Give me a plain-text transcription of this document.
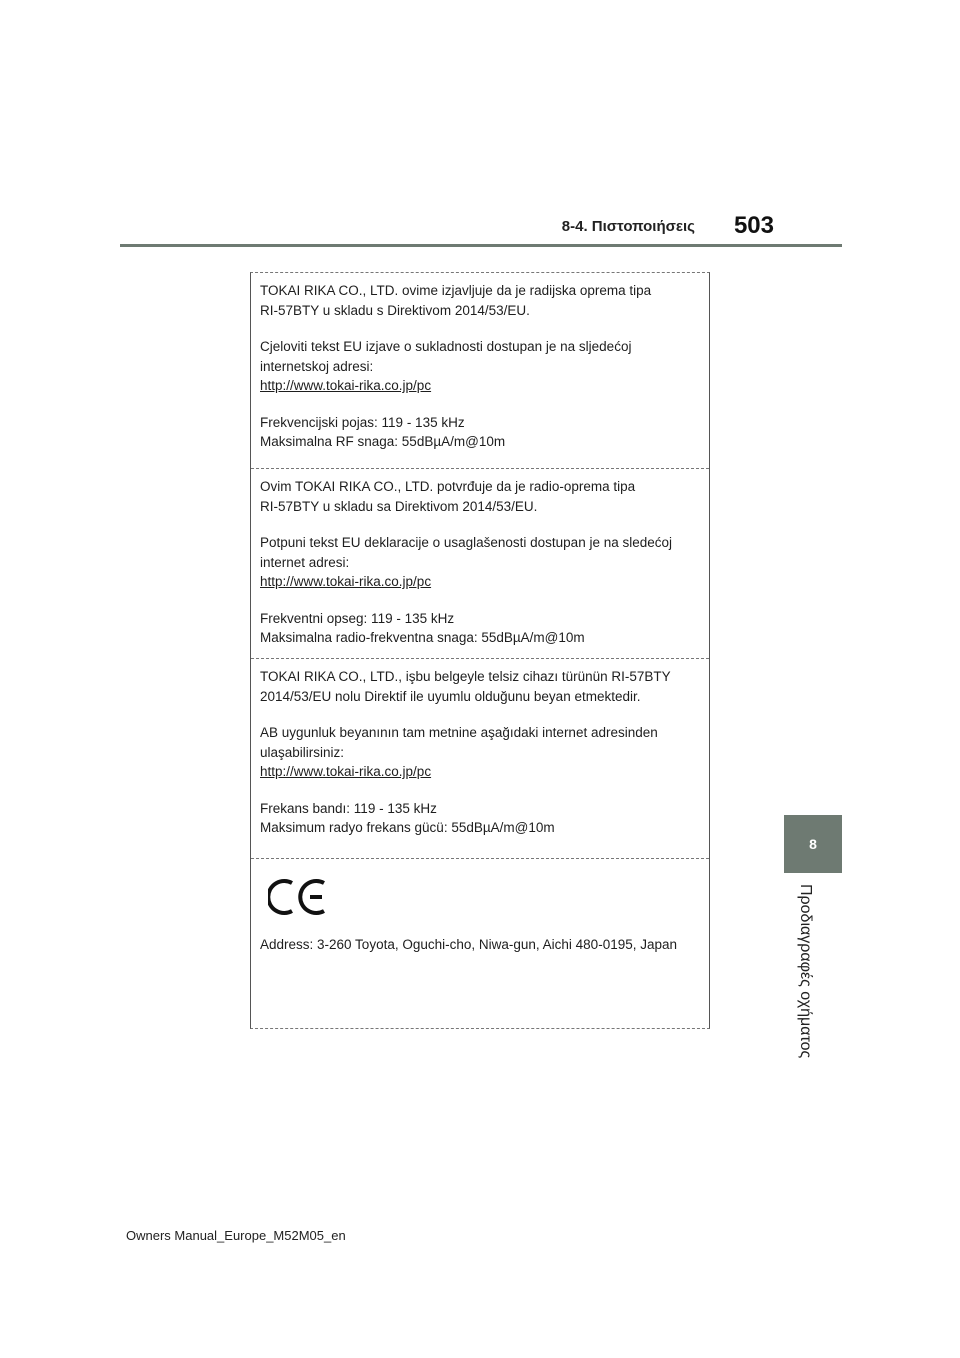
8-4. Πιστοποιήσεις 503
8
Προδιαγραφές οχήματος

TOKAI RIKA CO., LTD. ovime izjavljuje da je radijska oprema tipa
RI-57BTY u skladu s Direktivom 2014/53/EU.

Cjeloviti tekst EU izjave o sukladnosti dostupan je na sljedećoj
internetskoj adresi:
http://www.tokai-rika.co.jp/pc

Frekvencijski pojas: 119 - 135 kHz
Maksimalna RF snaga: 55dBµA/m@10m

Ovim TOKAI RIKA CO., LTD. potvrđuje da je radio-oprema tipa
RI-57BTY u skladu sa Direktivom 2014/53/EU.

Potpuni tekst EU deklaracije o usaglašenosti dostupan je na sledećoj
internet adresi:
http://www.tokai-rika.co.jp/pc

Frekventni opseg: 119 - 135 kHz
Maksimalna radio-frekventna snaga: 55dBµA/m@10m

TOKAI RIKA CO., LTD., işbu belgeyle telsiz cihazı türünün RI-57BTY
2014/53/EU nolu Direktif ile uyumlu olduğunu beyan etmektedir.

AB uygunluk beyanının tam metnine aşağıdaki internet adresinden
ulaşabilirsiniz:
http://www.tokai-rika.co.jp/pc

Frekans bandı: 119 - 135 kHz
Maksimum radyo frekans gücü: 55dBµA/m@10m

Address: 3-260 Toyota, Oguchi-cho, Niwa-gun, Aichi 480-0195, Japan

Owners Manual_Europe_M52M05_en
